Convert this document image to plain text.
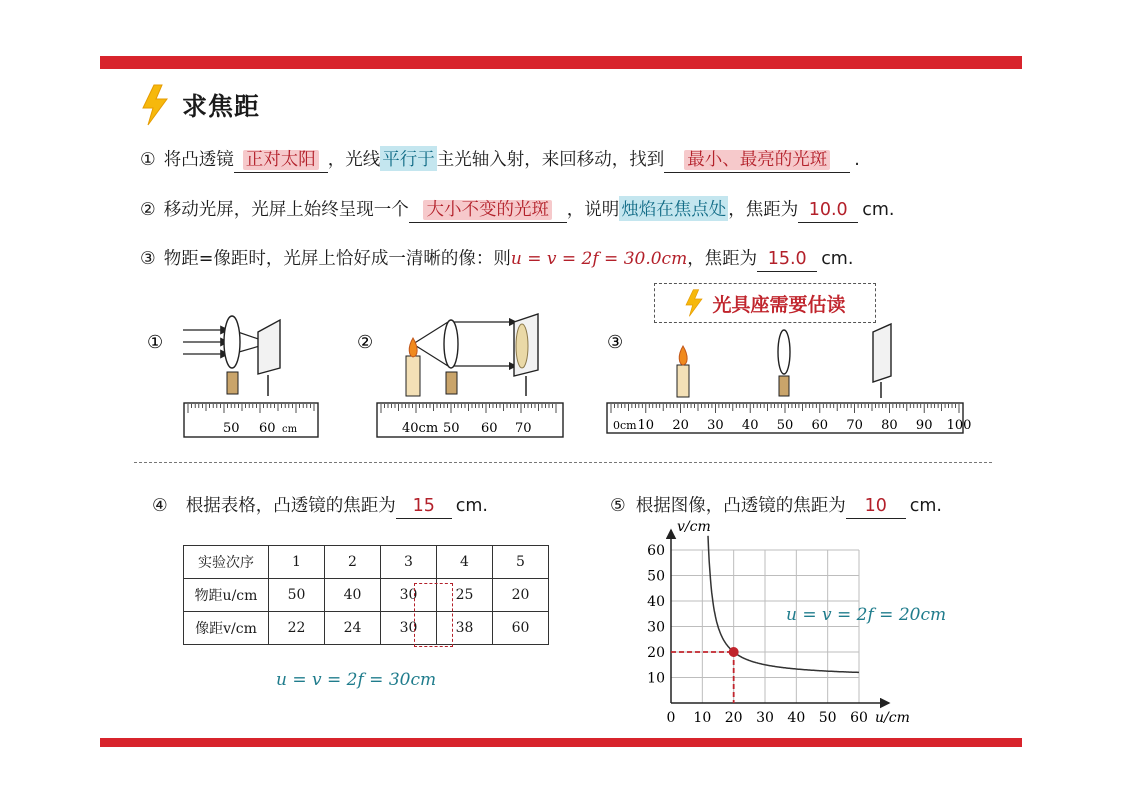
求焦距
① 将凸透镜 正对太阳 ，光线 平行于 主光轴入射，来回移动，找到	最小、最亮的光斑	.
② 移动光屏，光屏上始终呈现一个	大小不变的光斑	，说明 烛焰在焦点处 ，焦距为 10.0 cm.
③ 物距=像距时，光屏上恰好成一清晰的像：则 u = v = 2f = 30.0cm ，焦距为 15.0 cm.
光具座需要估读
①
50 60 cm
②
40cm 50 60 70
③
0cm 10 20 30 40 50 60 70 80 90 100
④ 根据表格，凸透镜的焦距为 15	cm.
实验次序	1	2	3	4	5
物距u/cm	50	40	30	25	20
像距v/cm	22	24	30	38	60
u = v = 2f = 30cm
⑤ 根据图像，凸透镜的焦距为	10	cm.
0 10 20 30 40 50 60
10
20
30
40
50
60
u/cm
v/cm
u = v = 2f = 20cm
